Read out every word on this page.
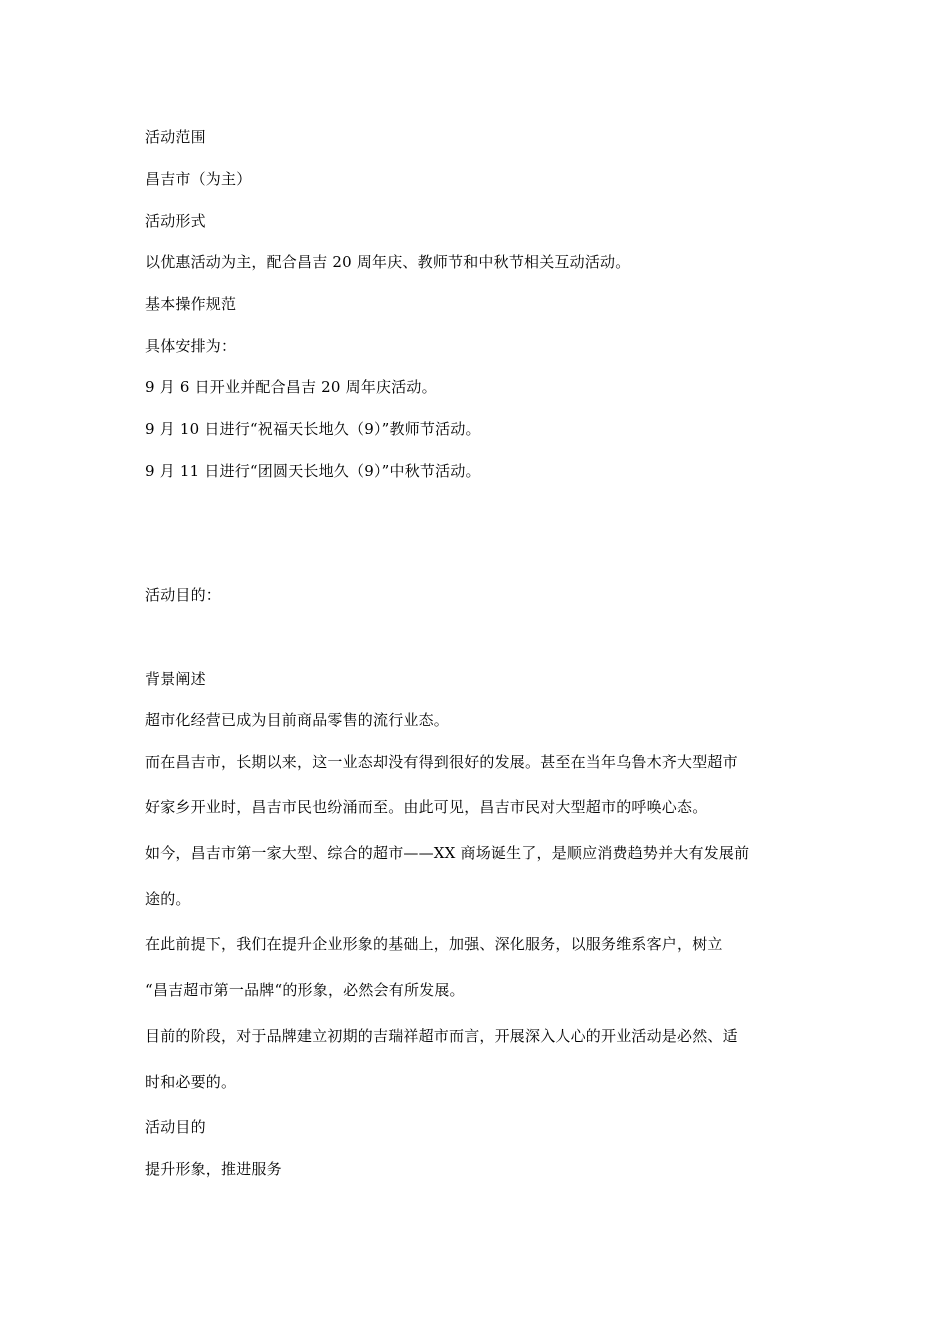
活动范围
昌吉市（为主）
活动形式
以优惠活动为主，配合昌吉 20 周年庆、教师节和中秋节相关互动活动。
基本操作规范
具体安排为：
9 月 6 日开业并配合昌吉 20 周年庆活动。
9 月 10 日进行“祝福天长地久（9）”教师节活动。
9 月 11 日进行“团圆天长地久（9）”中秋节活动。
活动目的：
背景阐述
超市化经营已成为目前商品零售的流行业态。
而在昌吉市，长期以来，这一业态却没有得到很好的发展。甚至在当年乌鲁木齐大型超市
好家乡开业时，昌吉市民也纷涌而至。由此可见，昌吉市民对大型超市的呼唤心态。
如今，昌吉市第一家大型、综合的超市——XX 商场诞生了，是顺应消费趋势并大有发展前
途的。
在此前提下，我们在提升企业形象的基础上，加强、深化服务，以服务维系客户，树立
“昌吉超市第一品牌“的形象，必然会有所发展。
目前的阶段，对于品牌建立初期的吉瑞祥超市而言，开展深入人心的开业活动是必然、适
时和必要的。
活动目的
提升形象，推进服务
